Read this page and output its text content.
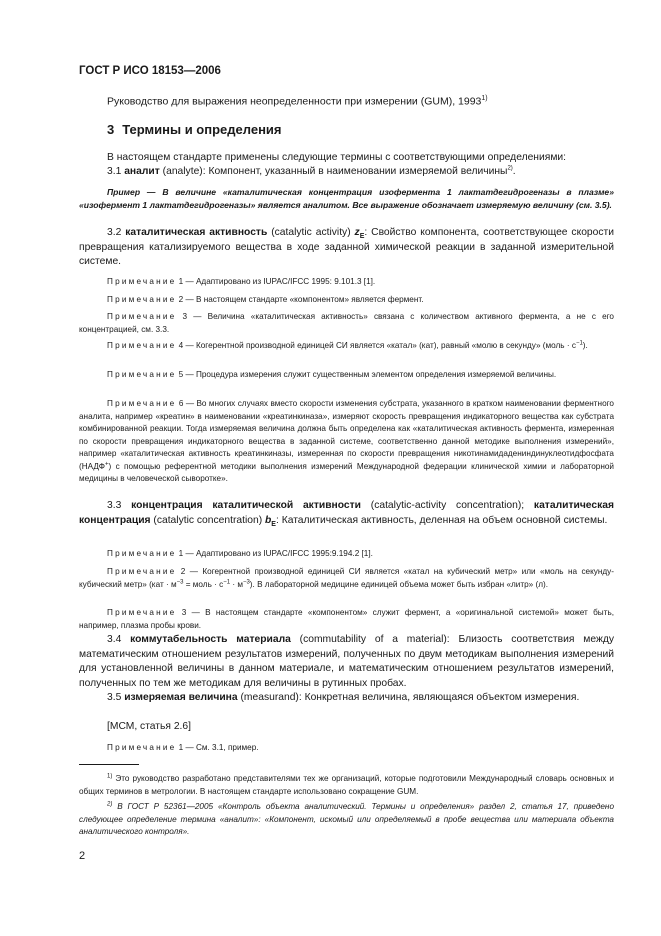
ГОСТ Р ИСО 18153—2006
Руководство для выражения неопределенности при измерении (GUM), 1993$^{1)}$
3 Термины и определения
В настоящем стандарте применены следующие термины с соответствующими определениями:
3.1 аналит (analyte): Компонент, указанный в наименовании измеряемой величины$^{2)}$.
Пример — В величине «каталитическая концентрация изофермента 1 лактатдегидрогеназы в плазме» «изофермент 1 лактатдегидрогеназы» является аналитом. Все выражение обозначает измеряемую величину (см. 3.5).
3.2 каталитическая активность (catalytic activity) $z_E$: Свойство компонента, соответствующее скорости превращения катализируемого вещества в ходе заданной химической реакции в заданной измерительной системе.
Примечание 1 — Адаптировано из IUPAC/IFCC 1995: 9.101.3 [1].
Примечание 2 — В настоящем стандарте «компонентом» является фермент.
Примечание 3 — Величина «каталитическая активность» связана с количеством активного фермента, а не с его концентрацией, см. 3.3.
Примечание 4 — Когерентной производной единицей СИ является «катал» (кат), равный «молю в секунду» (моль · $с^{-1}$).
Примечание 5 — Процедура измерения служит существенным элементом определения измеряемой величины.
Примечание 6 — Во многих случаях вместо скорости изменения субстрата, указанного в кратком наименовании ферментного аналита, например «креатин» в наименовании «креатинкиназа», измеряют скорость превращения индикаторного вещества как субстрата комбинированной реакции. Тогда измеряемая величина должна быть определена как «каталитическая активность фермента, измеренная по скорости превращения индикаторного вещества в заданной системе, соответственно данной методике выполнения измерений», например «каталитическая активность креатинкиназы, измеренная по скорости превращения никотинамидадениндинуклеотидфосфата (НАДФ+) с помощью референтной методики выполнения измерений Международной федерации клинической химии и лабораторной медицины в человеческой сыворотке».
3.3 концентрация каталитической активности (catalytic-activity concentration); каталитическая концентрация (catalytic concentration) $b_E$: Каталитическая активность, деленная на объем основной системы.
Примечание 1 — Адаптировано из IUPAC/IFCC 1995:9.194.2 [1].
Примечание 2 — Когерентной производной единицей СИ является «катал на кубический метр» или «моль на секунду-кубический метр» ($кат \cdot м^{-3}$ = моль · $с^{-1} \cdot м^{-3}$). В лабораторной медицине единицей объема может быть избран «литр» (л).
Примечание 3 — В настоящем стандарте «компонентом» служит фермент, а «оригинальной системой» может быть, например, плазма пробы крови.
3.4 коммутабельность материала (commutability of a material): Близость соответствия между математическим отношением результатов измерений, полученных по двум методикам выполнения измерений для установленной величины в данном материале, и математическим отношением результатов измерений, полученных по тем же методикам для величины в рутинных пробах.
3.5 измеряемая величина (measurand): Конкретная величина, являющаяся объектом измерения.
[МСМ, статья 2.6]
Примечание 1 — См. 3.1, пример.
$^{1)}$ Это руководство разработано представителями тех же организаций, которые подготовили Международный словарь основных и общих терминов в метрологии. В настоящем стандарте использовано сокращение GUM.
$^{2)}$ В ГОСТ Р 52361—2005 «Контроль объекта аналитический. Термины и определения» раздел 2, статья 17, приведено следующее определение термина «аналит»: «Компонент, искомый или определяемый в пробе вещества или материала объекта аналитического контроля».
2
